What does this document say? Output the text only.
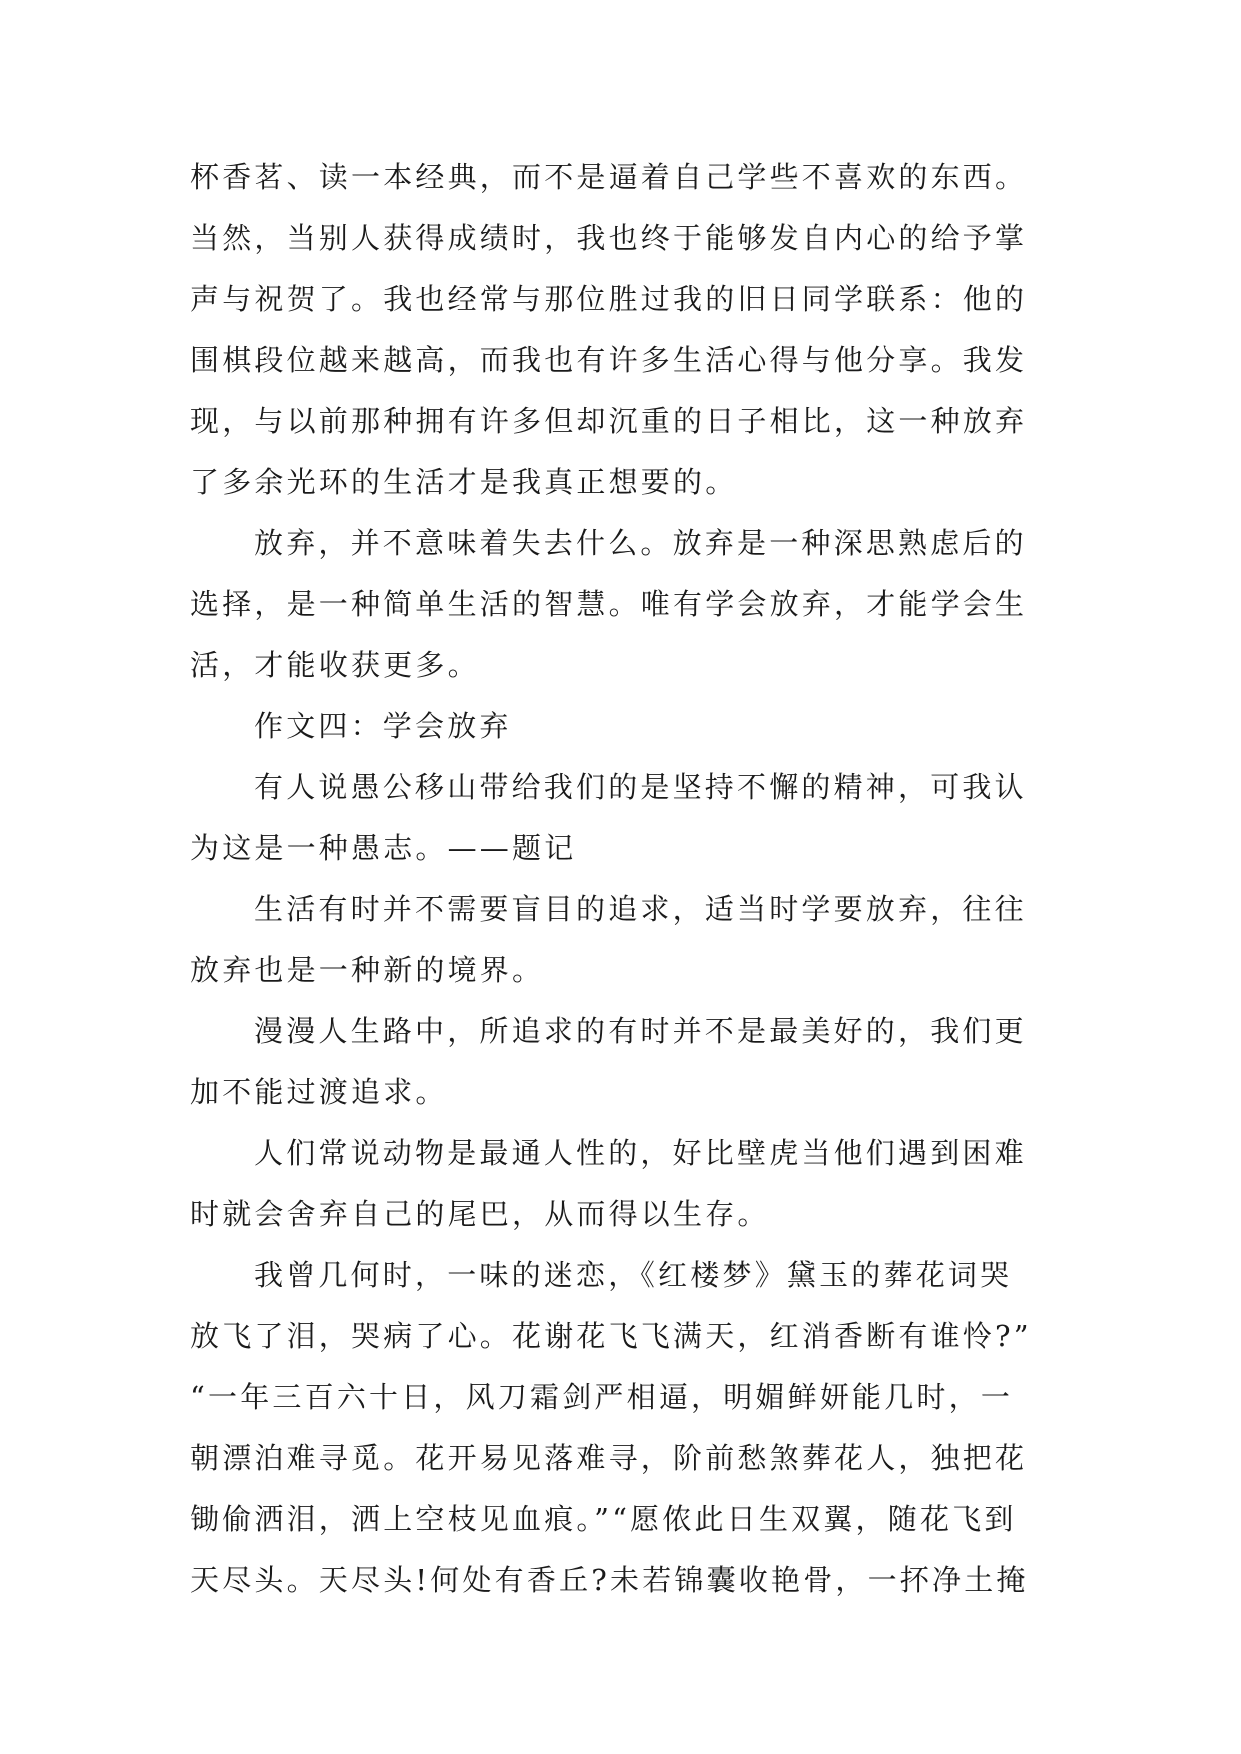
杯香茗、读一本经典，而不是逼着自己学些不喜欢的东西。
当然，当别人获得成绩时，我也终于能够发自内心的给予掌
声与祝贺了。我也经常与那位胜过我的旧日同学联系：他的
围棋段位越来越高，而我也有许多生活心得与他分享。我发
现，与以前那种拥有许多但却沉重的日子相比，这一种放弃
了多余光环的生活才是我真正想要的。
放弃，并不意味着失去什么。放弃是一种深思熟虑后的
选择，是一种简单生活的智慧。唯有学会放弃，才能学会生
活，才能收获更多。
作文四：学会放弃
有人说愚公移山带给我们的是坚持不懈的精神，可我认
为这是一种愚志。——题记
生活有时并不需要盲目的追求，适当时学要放弃，往往
放弃也是一种新的境界。
漫漫人生路中，所追求的有时并不是最美好的，我们更
加不能过渡追求。
人们常说动物是最通人性的，好比壁虎当他们遇到困难
时就会舍弃自己的尾巴，从而得以生存。
我曾几何时，一味的迷恋，《红楼梦》黛玉的葬花词哭
放飞了泪，哭病了心。花谢花飞飞满天，红消香断有谁怜?”
“一年三百六十日，风刀霜剑严相逼，明媚鲜妍能几时，一
朝漂泊难寻觅。花开易见落难寻，阶前愁煞葬花人，独把花
锄偷洒泪，洒上空枝见血痕。”“愿侬此日生双翼，随花飞到
天尽头。天尽头!何处有香丘?未若锦囊收艳骨，一抔净土掩
